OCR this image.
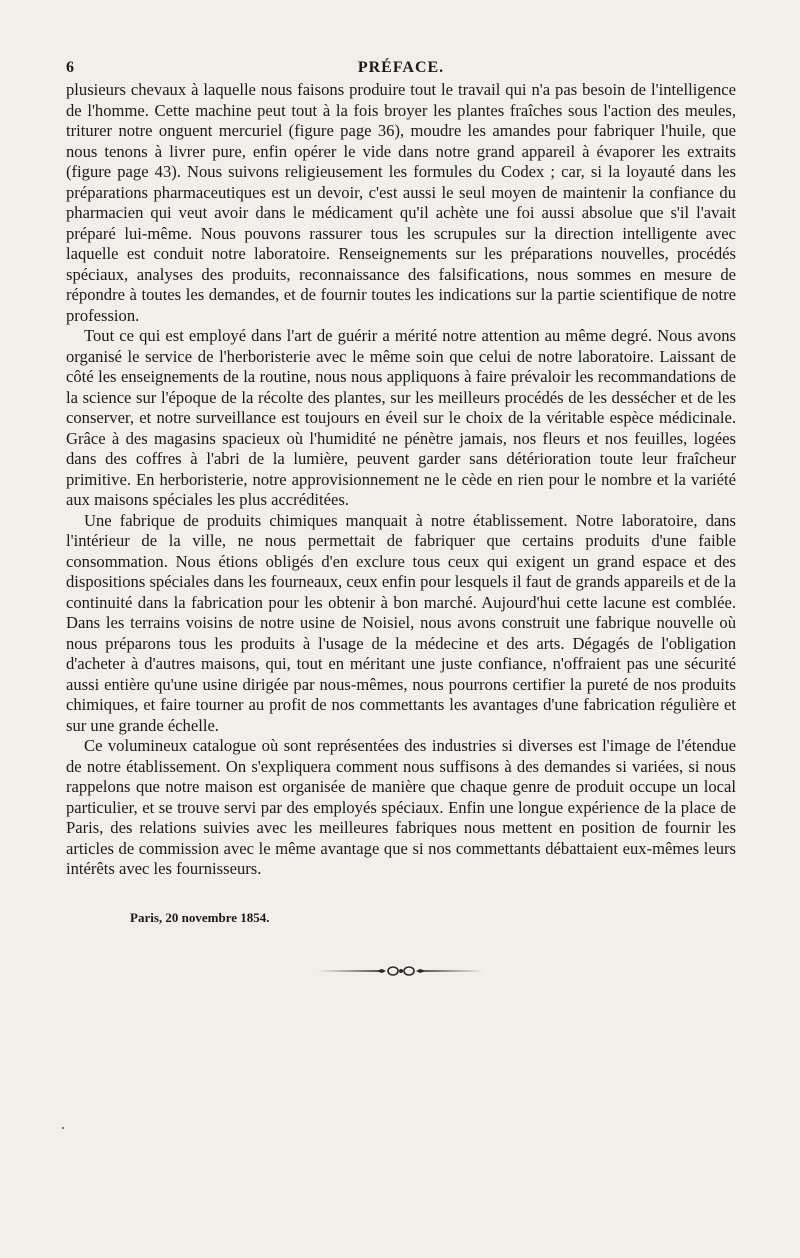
6	PRÉFACE.

plusieurs chevaux à laquelle nous faisons produire tout le travail qui n'a pas besoin de l'intelligence de l'homme. Cette machine peut tout à la fois broyer les plantes fraîches sous l'action des meules, triturer notre onguent mercuriel (figure page 36), moudre les amandes pour fabriquer l'huile, que nous tenons à livrer pure, enfin opérer le vide dans notre grand appareil à évaporer les extraits (figure page 43). Nous suivons religieusement les formules du Codex ; car, si la loyauté dans les préparations pharmaceutiques est un devoir, c'est aussi le seul moyen de maintenir la confiance du pharmacien qui veut avoir dans le médicament qu'il achète une foi aussi absolue que s'il l'avait préparé lui-même. Nous pouvons rassurer tous les scrupules sur la direction intelligente avec laquelle est conduit notre laboratoire. Renseignements sur les préparations nouvelles, procédés spéciaux, analyses des produits, reconnaissance des falsifications, nous sommes en mesure de répondre à toutes les demandes, et de fournir toutes les indications sur la partie scientifique de notre profession.

Tout ce qui est employé dans l'art de guérir a mérité notre attention au même degré. Nous avons organisé le service de l'herboristerie avec le même soin que celui de notre laboratoire. Laissant de côté les enseignements de la routine, nous nous appliquons à faire prévaloir les recommandations de la science sur l'époque de la récolte des plantes, sur les meilleurs procédés de les dessécher et de les conserver, et notre surveillance est toujours en éveil sur le choix de la véritable espèce médicinale. Grâce à des magasins spacieux où l'humidité ne pénètre jamais, nos fleurs et nos feuilles, logées dans des coffres à l'abri de la lumière, peuvent garder sans détérioration toute leur fraîcheur primitive. En herboristerie, notre approvisionnement ne le cède en rien pour le nombre et la variété aux maisons spéciales les plus accréditées.

Une fabrique de produits chimiques manquait à notre établissement. Notre laboratoire, dans l'intérieur de la ville, ne nous permettait de fabriquer que certains produits d'une faible consommation. Nous étions obligés d'en exclure tous ceux qui exigent un grand espace et des dispositions spéciales dans les fourneaux, ceux enfin pour lesquels il faut de grands appareils et de la continuité dans la fabrication pour les obtenir à bon marché. Aujourd'hui cette lacune est comblée. Dans les terrains voisins de notre usine de Noisiel, nous avons construit une fabrique nouvelle où nous préparons tous les produits à l'usage de la médecine et des arts. Dégagés de l'obligation d'acheter à d'autres maisons, qui, tout en méritant une juste confiance, n'offraient pas une sécurité aussi entière qu'une usine dirigée par nous-mêmes, nous pourrons certifier la pureté de nos produits chimiques, et faire tourner au profit de nos commettants les avantages d'une fabrication régulière et sur une grande échelle.

Ce volumineux catalogue où sont représentées des industries si diverses est l'image de l'étendue de notre établissement. On s'expliquera comment nous suffisons à des demandes si variées, si nous rappelons que notre maison est organisée de manière que chaque genre de produit occupe un local particulier, et se trouve servi par des employés spéciaux. Enfin une longue expérience de la place de Paris, des relations suivies avec les meilleures fabriques nous mettent en position de fournir les articles de commission avec le même avantage que si nos commettants débattaient eux-mêmes leurs intérêts avec les fournisseurs.

Paris, 20 novembre 1854.
